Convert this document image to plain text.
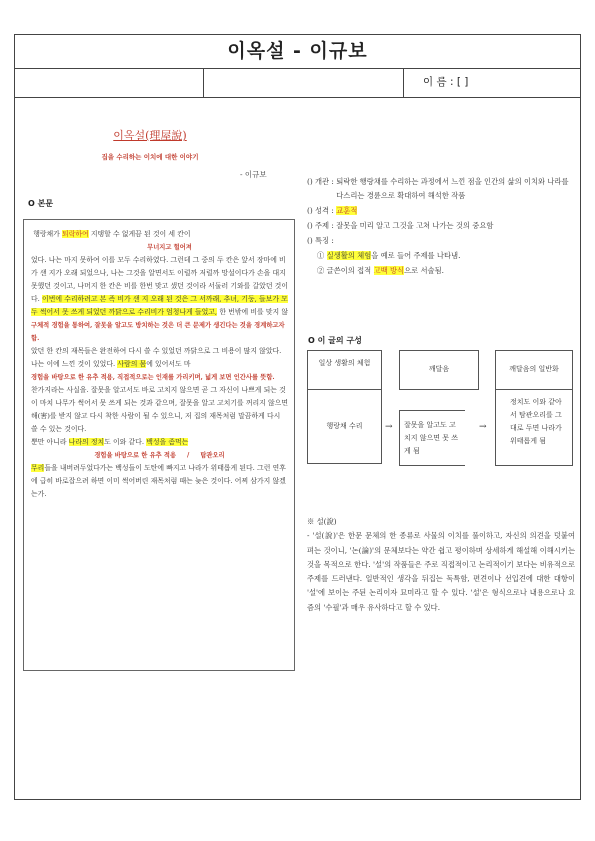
이옥설 - 이규보
이 름 : [ ]
이옥설(理屋說)
집을 수리하는 이치에 대한 이야기
- 이규보
O 본문

행랑채가 퇴락하여 지탱할 수 없게끔 된 것이 세 칸이

무너지고 헐어져

었다. 나는 마지 못하여 이를 모두 수리하였다. 그런데 그 중의 두 칸은 앞서 장마에 비가 샌 지가 오래 되었으나, 나는 그것을 알면서도 이럴까 저럴까 망설이다가 손을 대지 못했던 것이고, 나머지 한 칸은 비를 한번 맞고 샜던 것이라 서둘러 기와를 갈았던 것이다. 이번에 수리하려고 본 즉 비가 샌 지 오래 된 것은 그 서까래, 추녀, 기둥, 들보가 모두 썩어서 못 쓰게 되었던 까닭으로 수리비가 엄청나게 들었고, 한 번밖에 비를 맞지 않

구체적 경험을 통하여, 잘못을 알고도 방치하는 것은 더 큰 문제가 생긴다는 것을 경계하고자 함.

았던 한 칸의 재목들은 완전하여 다시 쓸 수 있었던 까닭으로 그 비용이 많지 않았다.

나는 이에 느낀 것이 있었다. 사람의 몸에 있어서도 마

경험을 바탕으로 한 유추 적용, 직접적으로는 인재를 가리키며, 넓게 보면 인간사를 뜻함.

찬가지라는 사실을. 잘못을 알고서도 바로 고치지 않으면 곧 그 자신이 나쁘게 되는 것이 마치 나무가 썩어서 못 쓰게 되는 것과 같으며, 잘못을 알고 고치기를 꺼리지 않으면 해(害)를 받지 않고 다시 착한 사람이 될 수 있으니, 저 집의 재목처럼 말끔하게 다시 쓸 수 있는 것이다.

뿐만 아니라 나라의 정치도 이와 같다. 백성을 좀먹는

경험을 바탕으로 한 유추 적용 / 탐관오리

무리들을 내버려두었다가는 백성들이 도탄에 빠지고 나라가 위태롭게 된다. 그런 연후에 급히 바로잡으려 하면 이미 썩어버린 재목처럼 때는 늦은 것이다. 어찌 삼가지 않겠는가.

() 개관 : 퇴락한 행랑채를 수리하는 과정에서 느낀 점을 인간의 삶의 이치와 나라를 다스리는 경륜으로 확대하여 해석한 작품

() 성격 : 교훈적

() 주제 : 잘못을 미리 알고 그것을 고쳐 나가는 것의 중요함

() 특징 :

① 실생활의 체험을 예로 들어 주제를 나타냄.

② 글쓴이의 접적 고백 방식으로 서술됨.

O 이 글의 구성
일상 생활의 체험
깨달음	깨달음의 일반화
행랑채 수리	→	잘못을 알고도 고치지 않으면 못 쓰게 됨
→
정치도 이와 같아서 탐관오리를 그대로 두면 나라가 위태롭게 됨

※ 설(說)

- '설(說)'은 한문 문체의 한 종류로 사물의 이치를 풀이하고, 자신의 의견을 덧붙여 펴는 것이니, '논(論)'의 문체보다는 약간 쉽고 평이하며 상세하게 해설해 이해시키는 것을 목적으로 한다. '설'의 작품들은 주로 직접적이고 논리적이기 보다는 비유적으로 주제를 드러낸다. 일반적인 생각을 뒤집는 독특함, 편견이나 선입견에 대한 대항이 '설'에 보이는 주된 논리이자 묘미라고 할 수 있다. '설'은 형식으로나 내용으로나 요즘의 '수필'과 매우 유사하다고 할 수 있다.
